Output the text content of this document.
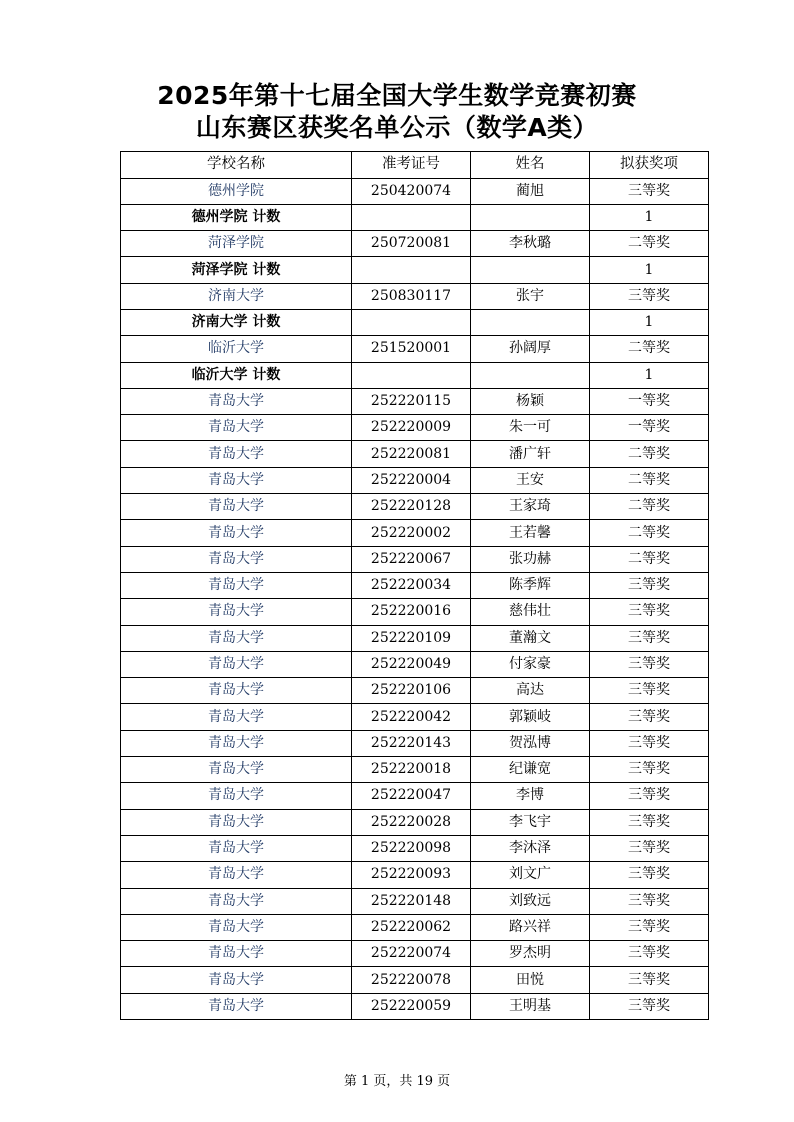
2025年第十七届全国大学生数学竞赛初赛
山东赛区获奖名单公示（数学A类）
学校名称	准考证号	姓名	拟获奖项
德州学院	250420074	蔺旭	三等奖
德州学院 计数			1
菏泽学院	250720081	李秋璐	二等奖
菏泽学院 计数			1
济南大学	250830117	张宇	三等奖
济南大学 计数			1
临沂大学	251520001	孙阔厚	二等奖
临沂大学 计数			1
青岛大学	252220115	杨颖	一等奖
青岛大学	252220009	朱一可	一等奖
青岛大学	252220081	潘广轩	二等奖
青岛大学	252220004	王安	二等奖
青岛大学	252220128	王家琦	二等奖
青岛大学	252220002	王若馨	二等奖
青岛大学	252220067	张功赫	二等奖
青岛大学	252220034	陈季辉	三等奖
青岛大学	252220016	慈伟壮	三等奖
青岛大学	252220109	董瀚文	三等奖
青岛大学	252220049	付家豪	三等奖
青岛大学	252220106	高达	三等奖
青岛大学	252220042	郭颖岐	三等奖
青岛大学	252220143	贺泓博	三等奖
青岛大学	252220018	纪谦宽	三等奖
青岛大学	252220047	李博	三等奖
青岛大学	252220028	李飞宇	三等奖
青岛大学	252220098	李沐泽	三等奖
青岛大学	252220093	刘文广	三等奖
青岛大学	252220148	刘致远	三等奖
青岛大学	252220062	路兴祥	三等奖
青岛大学	252220074	罗杰明	三等奖
青岛大学	252220078	田悦	三等奖
青岛大学	252220059	王明基	三等奖
第 1 页，共 19 页
